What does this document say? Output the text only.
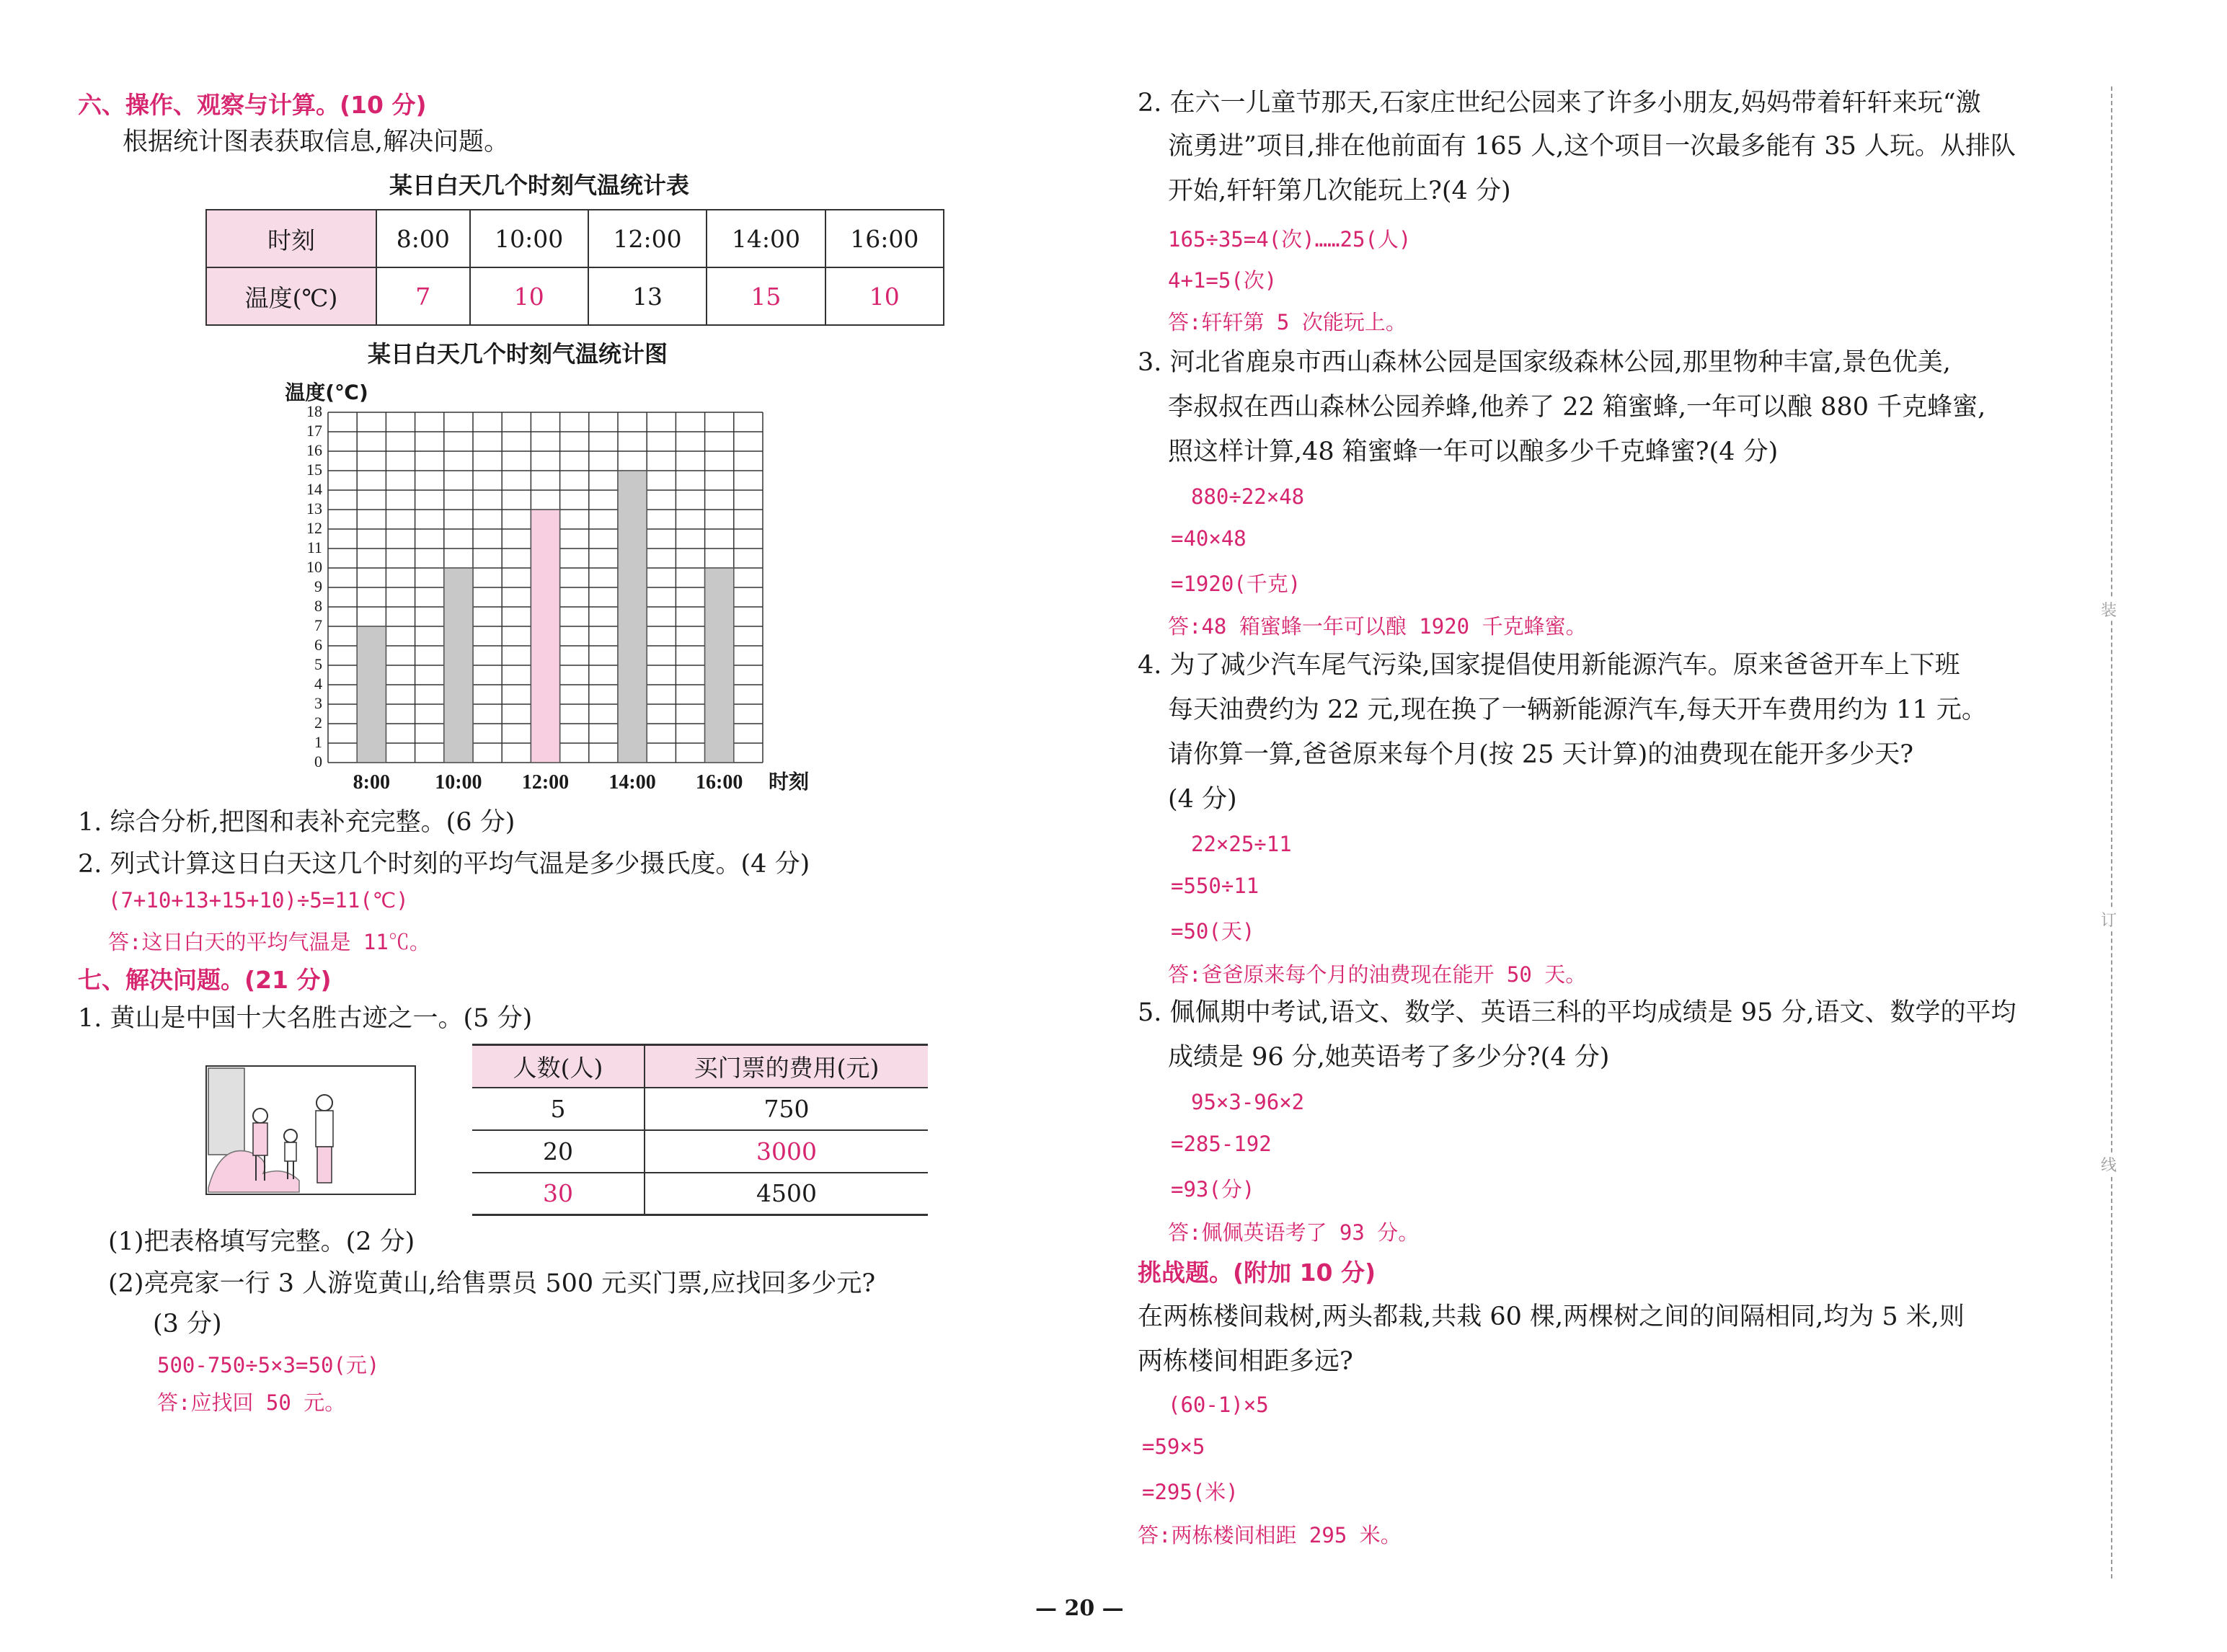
六、操作、观察与计算。(10 分)
根据统计图表获取信息,解决问题。
某日白天几个时刻气温统计表
时刻	8:00	10:00	12:00	14:00	16:00
温度(℃)	7	10	13	15	10
某日白天几个时刻气温统计图
0
1
2
3
4
5
6
7
8
9
10
11
12
13
14
15
16
17
18
8:00 10:00 12:00 14:00 16:00
温度(℃)
时刻
1. 综合分析,把图和表补充完整。(6 分)
2. 列式计算这日白天这几个时刻的平均气温是多少摄氏度。(4 分)
(7+10+13+15+10)÷5=11(℃)
答:这日白天的平均气温是 11℃。
七、解决问题。(21 分)
1. 黄山是中国十大名胜古迹之一。(5 分)
人数(人)	买门票的费用(元)
5	750
20	3000
30	4500
(1)把表格填写完整。(2 分)
(2)亮亮家一行 3 人游览黄山,给售票员 500 元买门票,应找回多少元?
(3 分)
500-750÷5×3=50(元)
答:应找回 50 元。
2. 在六一儿童节那天,石家庄世纪公园来了许多小朋友,妈妈带着轩轩来玩“激
流勇进”项目,排在他前面有 165 人,这个项目一次最多能有 35 人玩。从排队
开始,轩轩第几次能玩上?(4 分)
165÷35=4(次)……25(人)
4+1=5(次)
答:轩轩第 5 次能玩上。
3. 河北省鹿泉市西山森林公园是国家级森林公园,那里物种丰富,景色优美,
李叔叔在西山森林公园养蜂,他养了 22 箱蜜蜂,一年可以酿 880 千克蜂蜜,
照这样计算,48 箱蜜蜂一年可以酿多少千克蜂蜜?(4 分)
880÷22×48
=40×48
=1920(千克)
答:48 箱蜜蜂一年可以酿 1920 千克蜂蜜。
4. 为了减少汽车尾气污染,国家提倡使用新能源汽车。原来爸爸开车上下班
每天油费约为 22 元,现在换了一辆新能源汽车,每天开车费用约为 11 元。
请你算一算,爸爸原来每个月(按 25 天计算)的油费现在能开多少天?
(4 分)
22×25÷11
=550÷11
=50(天)
答:爸爸原来每个月的油费现在能开 50 天。
5. 佩佩期中考试,语文、数学、英语三科的平均成绩是 95 分,语文、数学的平均
成绩是 96 分,她英语考了多少分?(4 分)
95×3-96×2
=285-192
=93(分)
答:佩佩英语考了 93 分。
挑战题。(附加 10 分)
在两栋楼间栽树,两头都栽,共栽 60 棵,两棵树之间的间隔相同,均为 5 米,则
两栋楼间相距多远?
(60-1)×5
=59×5
=295(米)
答:两栋楼间相距 295 米。
装
订
线
— 20 —
